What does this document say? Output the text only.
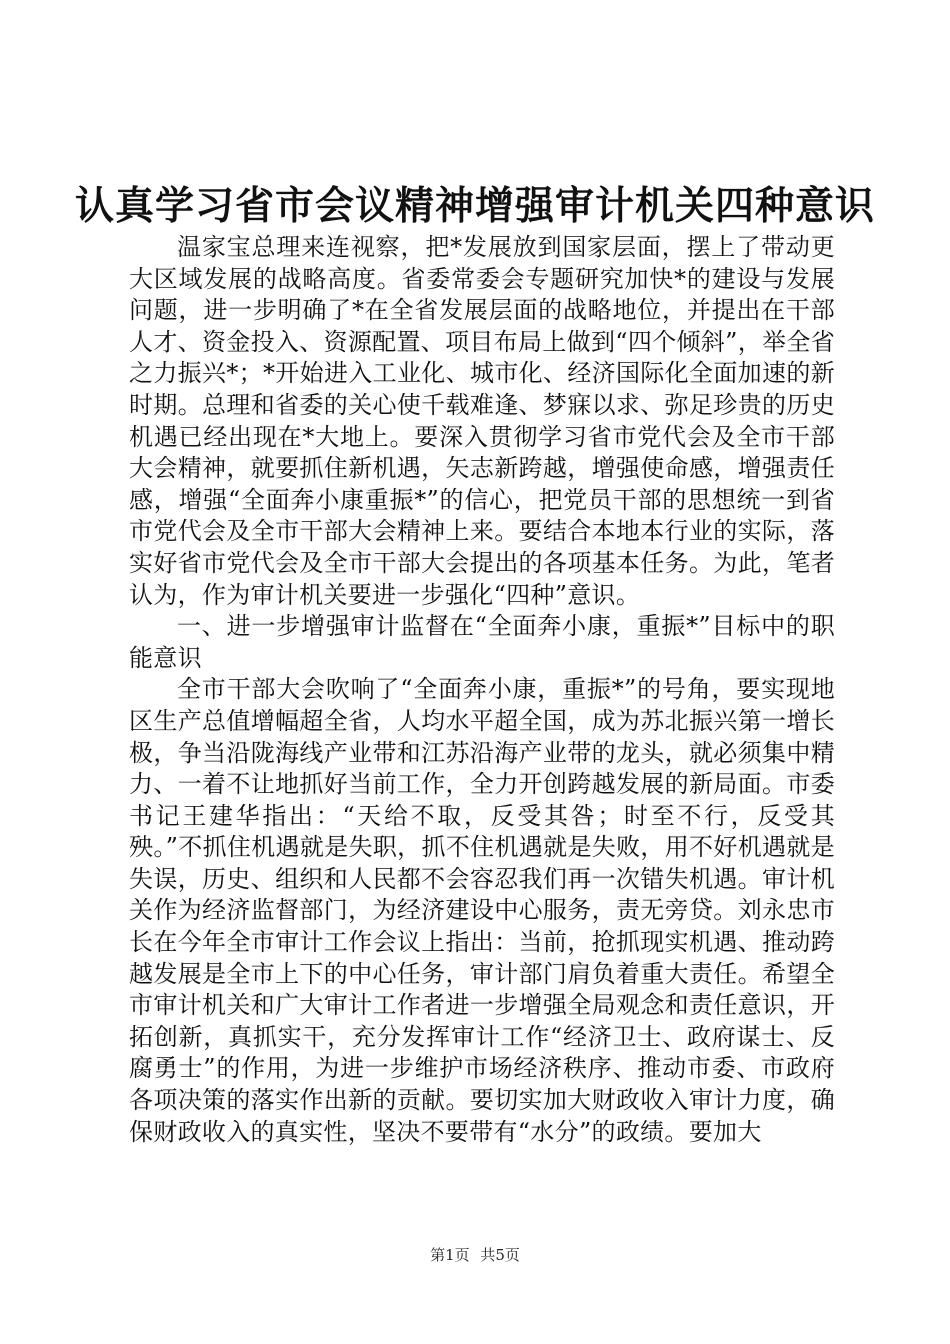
认真学习省市会议精神增强审计机关四种意识

温家宝总理来连视察，把*发展放到国家层面，摆上了带动更大区域发展的战略高度。省委常委会专题研究加快*的建设与发展问题，进一步明确了*在全省发展层面的战略地位，并提出在干部人才、资金投入、资源配置、项目布局上做到“四个倾斜”，举全省之力振兴*；*开始进入工业化、城市化、经济国际化全面加速的新时期。总理和省委的关心使千载难逢、梦寐以求、弥足珍贵的历史机遇已经出现在*大地上。要深入贯彻学习省市党代会及全市干部大会精神，就要抓住新机遇，矢志新跨越，增强使命感，增强责任感，增强“全面奔小康重振*”的信心，把党员干部的思想统一到省市党代会及全市干部大会精神上来。要结合本地本行业的实际，落实好省市党代会及全市干部大会提出的各项基本任务。为此，笔者认为，作为审计机关要进一步强化“四种”意识。

一、进一步增强审计监督在“全面奔小康，重振*”目标中的职能意识

全市干部大会吹响了“全面奔小康，重振*”的号角，要实现地区生产总值增幅超全省，人均水平超全国，成为苏北振兴第一增长极，争当沿陇海线产业带和江苏沿海产业带的龙头，就必须集中精力、一着不让地抓好当前工作，全力开创跨越发展的新局面。市委书记王建华指出：“天给不取，反受其咎；时至不行，反受其殃。”不抓住机遇就是失职，抓不住机遇就是失败，用不好机遇就是失误，历史、组织和人民都不会容忍我们再一次错失机遇。审计机关作为经济监督部门，为经济建设中心服务，责无旁贷。刘永忠市长在今年全市审计工作会议上指出：当前，抢抓现实机遇、推动跨越发展是全市上下的中心任务，审计部门肩负着重大责任。希望全市审计机关和广大审计工作者进一步增强全局观念和责任意识，开拓创新，真抓实干，充分发挥审计工作“经济卫士、政府谋士、反腐勇士”的作用，为进一步维护市场经济秩序、推动市委、市政府各项决策的落实作出新的贡献。要切实加大财政收入审计力度，确保财政收入的真实性，坚决不要带有“水分”的政绩。要加大

第1页 共5页
